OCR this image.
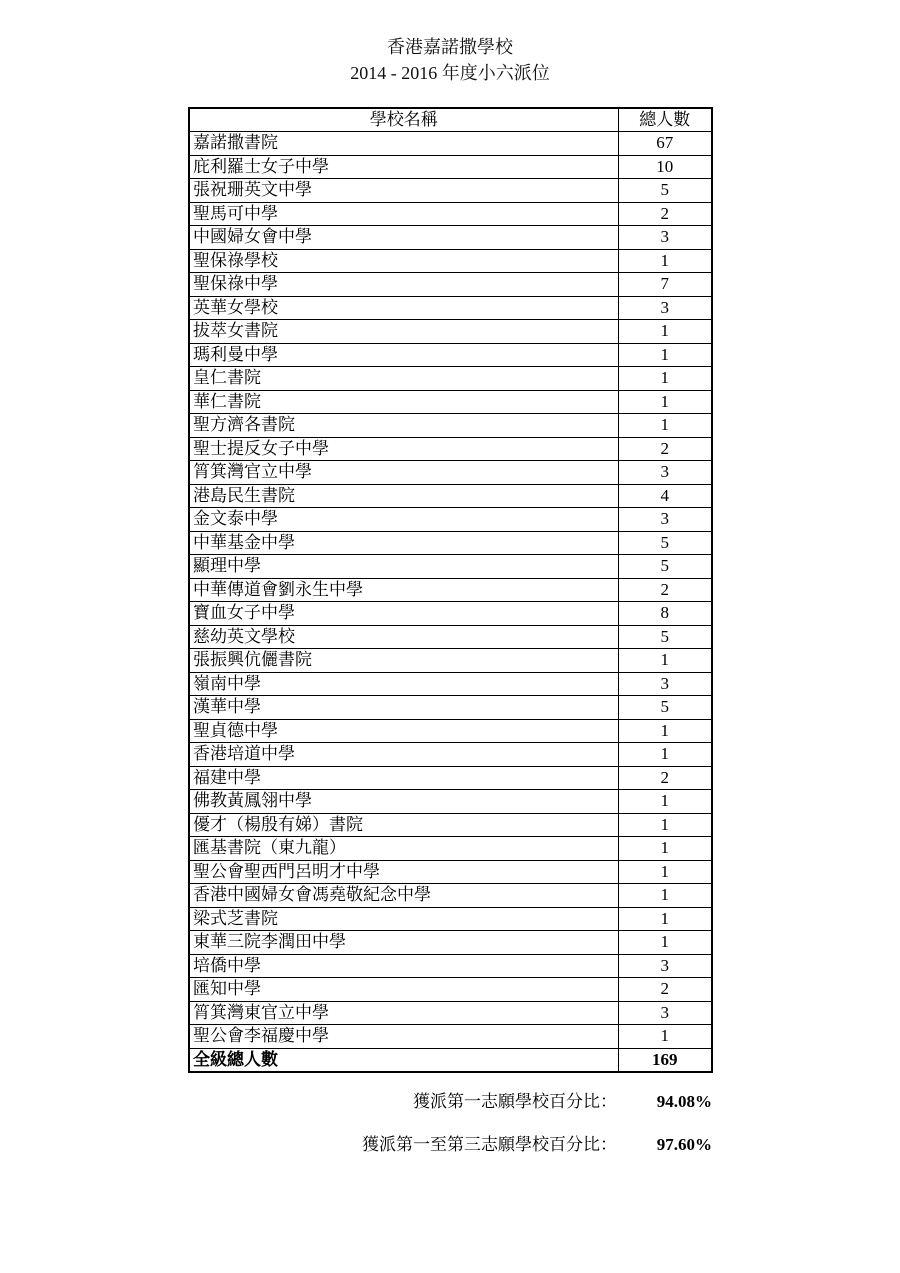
香港嘉諾撒學校
2014 - 2016 年度小六派位
學校名稱	總人數
嘉諾撒書院	67
庇利羅士女子中學	10
張祝珊英文中學	5
聖馬可中學	2
中國婦女會中學	3
聖保祿學校	1
聖保祿中學	7
英華女學校	3
拔萃女書院	1
瑪利曼中學	1
皇仁書院	1
華仁書院	1
聖方濟各書院	1
聖士提反女子中學	2
筲箕灣官立中學	3
港島民生書院	4
金文泰中學	3
中華基金中學	5
顯理中學	5
中華傳道會劉永生中學	2
寶血女子中學	8
慈幼英文學校	5
張振興伉儷書院	1
嶺南中學	3
漢華中學	5
聖貞德中學	1
香港培道中學	1
福建中學	2
佛教黃鳳翎中學	1
優才（楊殷有娣）書院	1
匯基書院（東九龍）	1
聖公會聖西門呂明才中學	1
香港中國婦女會馮堯敬紀念中學	1
梁式芝書院	1
東華三院李潤田中學	1
培僑中學	3
匯知中學	2
筲箕灣東官立中學	3
聖公會李福慶中學	1
全級總人數	169
獲派第一志願學校百分比：	94.08%
獲派第一至第三志願學校百分比：	97.60%
